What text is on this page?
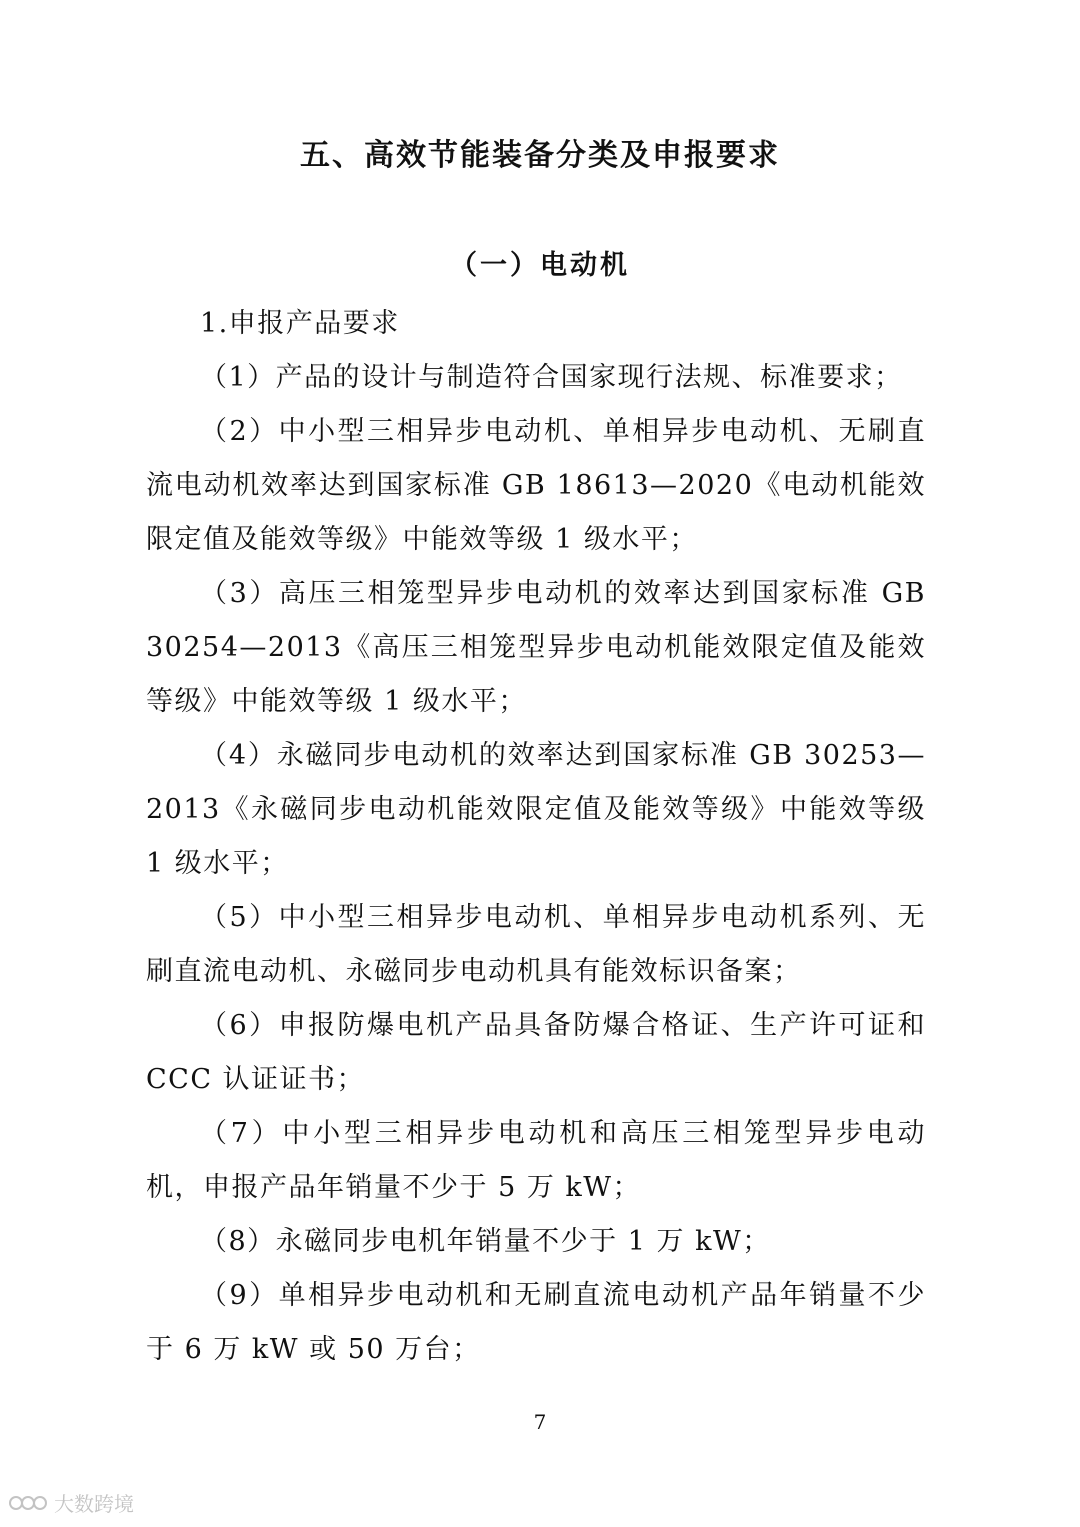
五、高效节能装备分类及申报要求
（一）电动机

1.申报产品要求

（1）产品的设计与制造符合国家现行法规、标准要求；

（2）中小型三相异步电动机、单相异步电动机、无刷直流电动机效率达到国家标准 GB 18613—2020《电动机能效限定值及能效等级》中能效等级 1 级水平；

（3）高压三相笼型异步电动机的效率达到国家标准 GB 30254—2013《高压三相笼型异步电动机能效限定值及能效等级》中能效等级 1 级水平；

（4）永磁同步电动机的效率达到国家标准 GB 30253—2013《永磁同步电动机能效限定值及能效等级》中能效等级 1 级水平；

（5）中小型三相异步电动机、单相异步电动机系列、无刷直流电动机、永磁同步电动机具有能效标识备案；

（6）申报防爆电机产品具备防爆合格证、生产许可证和 CCC 认证证书；

（7）中小型三相异步电动机和高压三相笼型异步电动机，申报产品年销量不少于 5 万 kW；

（8）永磁同步电机年销量不少于 1 万 kW；

（9）单相异步电动机和无刷直流电动机产品年销量不少于 6 万 kW 或 50 万台；

7
大数跨境
